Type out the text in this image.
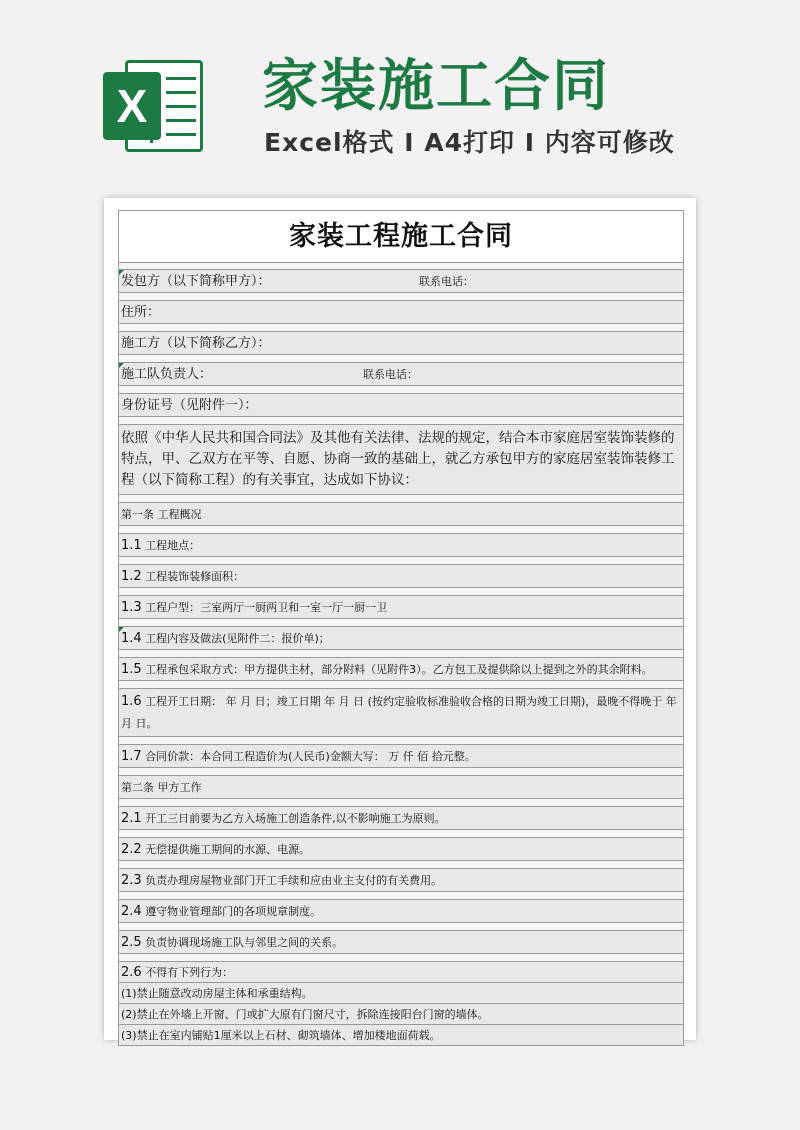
X 家装施工合同
Excel格式 I A4打印 I 内容可修改
家装工程施工合同
发包方（以下简称甲方）：	联系电话：
住所：
施工方（以下简称乙方）：
施工队负责人：	联系电话：
身份证号（见附件一）：
依照《中华人民共和国合同法》及其他有关法律、法规的规定，结合本市家庭居室装饰装修的特点，甲、乙双方在平等、自愿、协商一致的基础上，就乙方承包甲方的家庭居室装饰装修工程（以下简称工程）的有关事宜，达成如下协议：
第一条 工程概况
1.1 工程地点：
1.2 工程装饰装修面积：
1.3 工程户型：三室两厅一厨两卫和一室一厅一厨一卫
1.4 工程内容及做法(见附件二：报价单)；
1.5 工程承包采取方式：甲方提供主材，部分附料（见附件3）。乙方包工及提供除以上提到之外的其余附料。
1.6 工程开工日期： 年 月 日；竣工日期 年 月 日 (按约定验收标准验收合格的日期为竣工日期)，最晚不得晚于 年 月 日。
1.7 合同价款：本合同工程造价为(人民币)金额大写： 万 仟 佰 拾元整。
第二条 甲方工作
2.1 开工三日前要为乙方入场施工创造条件,以不影响施工为原则。
2.2 无偿提供施工期间的水源、电源。
2.3 负责办理房屋物业部门开工手续和应由业主支付的有关费用。
2.4 遵守物业管理部门的各项规章制度。
2.5 负责协调现场施工队与邻里之间的关系。
2.6 不得有下列行为：
(1)禁止随意改动房屋主体和承重结构。
(2)禁止在外墙上开窗、门或扩大原有门窗尺寸，拆除连接阳台门窗的墙体。
(3)禁止在室内铺贴1厘米以上石材、砌筑墙体、增加楼地面荷载。
